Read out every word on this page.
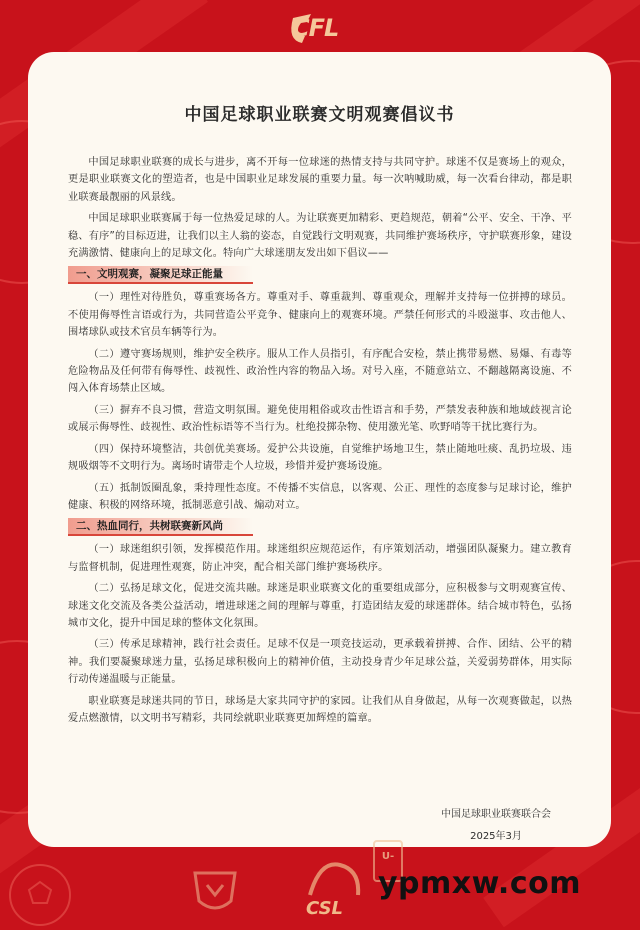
CFL
中国足球职业联赛文明观赛倡议书

中国足球职业联赛的成长与进步，离不开每一位球迷的热情支持与共同守护。球迷不仅是赛场上的观众，更是职业联赛文化的塑造者，也是中国职业足球发展的重要力量。每一次呐喊助威，每一次看台律动，都是职业联赛最靓丽的风景线。

中国足球职业联赛属于每一位热爱足球的人。为让联赛更加精彩、更趋规范，朝着“公平、安全、干净、平稳、有序”的目标迈进，让我们以主人翁的姿态，自觉践行文明观赛，共同维护赛场秩序，守护联赛形象，建设充满激情、健康向上的足球文化。特向广大球迷朋友发出如下倡议——

一、文明观赛，凝聚足球正能量

（一）理性对待胜负，尊重赛场各方。尊重对手、尊重裁判、尊重观众，理解并支持每一位拼搏的球员。不使用侮辱性言语或行为，共同营造公平竞争、健康向上的观赛环境。严禁任何形式的斗殴滋事、攻击他人、围堵球队或技术官员车辆等行为。

（二）遵守赛场规则，维护安全秩序。服从工作人员指引，有序配合安检，禁止携带易燃、易爆、有毒等危险物品及任何带有侮辱性、歧视性、政治性内容的物品入场。对号入座，不随意站立、不翻越隔离设施、不闯入体育场禁止区域。

（三）摒弃不良习惯，营造文明氛围。避免使用粗俗或攻击性语言和手势，严禁发表种族和地域歧视言论或展示侮辱性、歧视性、政治性标语等不当行为。杜绝投掷杂物、使用激光笔、吹野哨等干扰比赛行为。

（四）保持环境整洁，共创优美赛场。爱护公共设施，自觉维护场地卫生，禁止随地吐痰、乱扔垃圾、违规吸烟等不文明行为。离场时请带走个人垃圾，珍惜并爱护赛场设施。

（五）抵制饭圈乱象，秉持理性态度。不传播不实信息，以客观、公正、理性的态度参与足球讨论，维护健康、积极的网络环境，抵制恶意引战、煽动对立。

二、热血同行，共树联赛新风尚

（一）球迷组织引领，发挥模范作用。球迷组织应规范运作，有序策划活动，增强团队凝聚力。建立教育与监督机制，促进理性观赛，防止冲突，配合相关部门维护赛场秩序。

（二）弘扬足球文化，促进交流共融。球迷是职业联赛文化的重要组成部分，应积极参与文明观赛宣传、球迷文化交流及各类公益活动，增进球迷之间的理解与尊重，打造团结友爱的球迷群体。结合城市特色，弘扬城市文化，提升中国足球的整体文化氛围。

（三）传承足球精神，践行社会责任。足球不仅是一项竞技运动，更承载着拼搏、合作、团结、公平的精神。我们要凝聚球迷力量，弘扬足球积极向上的精神价值，主动投身青少年足球公益，关爱弱势群体，用实际行动传递温暖与正能量。

职业联赛是球迷共同的节日，球场是大家共同守护的家园。让我们从自身做起，从每一次观赛做起，以热爱点燃激情，以文明书写精彩，共同绘就职业联赛更加辉煌的篇章。

中国足球职业联赛联合会
2025年3月
CSL
U-
ypmxw.com
